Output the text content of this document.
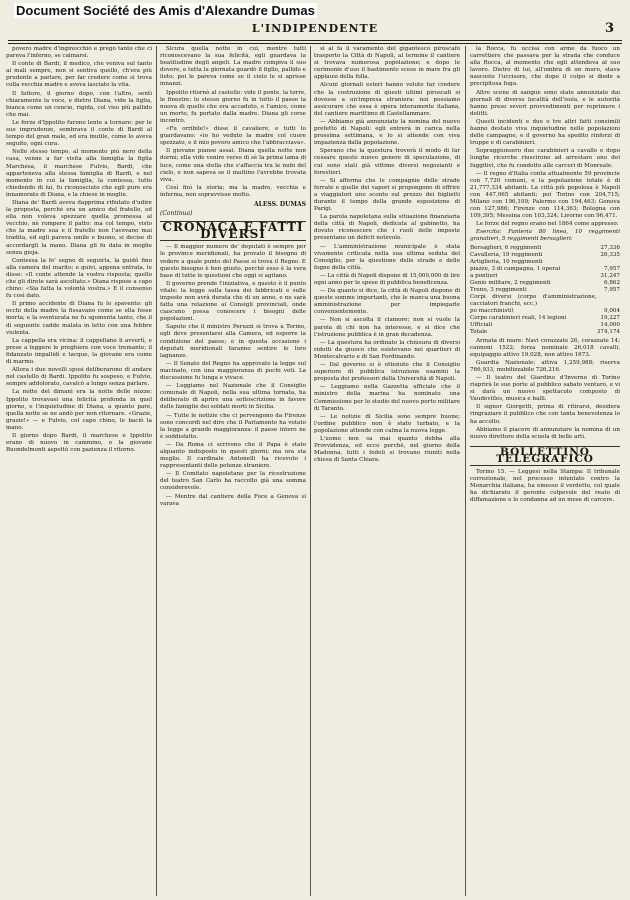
Document Société des Amis d'Alexandre Dumas
L'INDIPENDENTE	3

povero madre d'inginocchiò e pregò tanto che ci pareva l'inferno, se calmarsi.

Il conte di Bardi, il medico, che veniva sul tanto ai mali sempre, non si sentiva quello, ch'era più prudente a parlare, per far credere come si trova colla vecchia madre e aveva lasciato la vita.

Il fattore, il giorno dopo, con l'altro, sentì chiaramente la voce, e dietro Diana, vide la figlia, bianca come un cencio, rigida, col viso più pallido che mai.

Le forze d'Ippolito furono lente a tornare: per le sue imprudenze, sembrava il conte di Bardi al tempo del gran male, ed era inutile, come lo aveva seguito, ogni cura.

Nello stesso tempo, al momento più nero della casa, venne a far visita alla famiglia la figlia Marchesa, il marchese Fulvio, Bardi, che apparteneva alla stessa famiglia di Bardi, e nel momento in cui la famiglia, la contessa, tutto chiedendo di lui, fu riconosciuto che egli pure era innamorato di Diana, e la chiese in moglie.

Diana de' Bardi aveva dapprima rifiutato d'udire la proposta, perchè era un amico del fratello, ed ella non voleva spezzare quella promessa al vecchio, nè rompere il patto: ma col tempo, visto che la madre sua e il fratello non l'avevano mai tradita, ed egli pareva umile e buono, si decise di accordargli la mano. Diana gli fu data in moglie senza gioja.

Contessa la fe' segno di seguirla, la guidò fino alla camera del marito; e quivi, appena entrata, le disse: «Il conte attende la vostra risposta; quello che gli direte sarà ascoltato.» Diana rispose a capo chino: «Sia fatta la volontà vostra.» E il consenso fu così dato.

Il primo accidente di Diana fu lo spavento: gli occhi della madre la fissavano come se ella fosse morta; e la sventurata ne fu sgomenta tanto, che il dì seguente cadde malata in letto con una febbre violenta.

La cappella era vicina: il cappellano li avvertì, e prese a leggere le preghiere con voce tremante; il fidanzato impallidì e tacque, la giovane era come di marmo.

Allora i due novelli sposi deliberarono di andare nel castello di Bardi. Ippolito fu sospeso, e Fulvio, sempre addolorato, cavalcò a lungo senza parlare.

La notte del dimani era la notte delle nozze: Ippolito trovavasi una felicità profonda in quel giorno, e l'inquietudine di Diana, a quanto pare, quella notte se ne andò per non ritornare. «Grazie, grazie!» — e Fulvio, col capo chino, le baciò la mano.

Il giorno dopo Bardi, il marchese e Ippolito erano di nuovo in cammino, e la giovane Buondelmonti aspettò con pazienza il ritorno.

Sicura quella notte in cui, mentre tutti riconoscevano la sua felicità, egli guardava la beatitudine degli angeli. La madre compiva il suo dovere, e tutta la giornata guardò il figlio, pallido e lieto; poi le pareva come se il cielo le si aprisse innanzi.

Ippolito ritornò al castello: vide il ponte, la torre, le finestre; lo stesso giorno fu in tutto il paese la nuova di quello che era accaduto, e l'amico, come un morto, fu portato dalla madre. Diana gli corse incontro.

«Fu orribile!» disse il cavaliere, e tutti lo guardavano: «io ho veduto la madre col cuore spezzato, e il mio povero amico che l'abbracciava».

Il giovane pianse assai. Diana quella notte non dormì; ella vide venire verso di sè la prima lama di luce, come una stella che s'affaccia tra le nubi del cielo, e non sapeva se il mattino l'avrebbe trovata viva.

Così finì la storia; ma la madre, vecchia e inferma, non sopravvisse molto.

ALESS. DUMAS
(Continua)
CRONACA E FATTI DIVERSI

— Il maggior numero de' deputati è sempre per le province meridionali, ha provato il bisogno di vedere a quale punto del Paese si trova il Regno. E questo bisogno è ben giusto, perchè esso è la vera base di tutte le questioni che oggi si agitano.

Il governo prende l'iniziativa, e questo è il punto vitale: la legge sulla tassa dei fabbricati e sulle imposte non avrà durata che di un anno, e ne sarà fatta una relazione ai Consigli provinciali, onde ciascuno possa conoscere i bisogni delle popolazioni.

Saputo che il ministro Peruzzi si trova a Torino, egli deve presentarsi alla Camera, ed esporre la condizione del paese; e in questa occasione i deputati meridionali faranno sentire le loro lagnanze.

— Il Senato del Regno ha approvato la legge sul macinato, con una maggioranza di pochi voti. La discussione fu lunga e vivace.

— Leggiamo nel Nazionale che il Consiglio comunale di Napoli, nella sua ultima tornata, ha deliberato di aprire una sottoscrizione in favore delle famiglie dei soldati morti in Sicilia.

— Tutte le notizie che ci pervengono da Firenze sono concordi nel dire che il Parlamento ha votato la legge a grande maggioranza: il paese intero ne è soddisfatto.

— Da Roma ci scrivono che il Papa è stato alquanto indisposto in questi giorni; ma ora sta meglio. Il cardinale Antonelli ha ricevuto i rappresentanti delle potenze straniere.

— Il Comitato napoletano per la ricostruzione del teatro San Carlo ha raccolto già una somma considerevole.

— Mentre dal cantiere della Foce a Genova si varava

si al fa il varamento del gigantesco piroscafo trasporto la Città di Napoli, al termine il cantiere si trovava numerosa popolazione; e dopo le cerimonie d'uso il bastimento scese in mare fra gli applausi della folla.

Alcuni giornali esteri hanno voluto far credere che la costruzione di questi ultimi piroscafi si dovesse a un'impresa straniera: noi possiamo assicurare che essa è opera interamente italiana, del cantiere marittimo di Castellammare.

— Abbiamo già annunziato la nomina del nuovo prefetto di Napoli: egli entrerà in carica nella prossima settimana, e lo si attende con viva impazienza dalla popolazione.

Sperano che la questura troverà il modo di far cessare questo nuovo genere di speculazione, di cui sono stati già vittime diversi negozianti e forestieri.

— Si afferma che le compagnie delle strade ferrate e quelle dei vapori si propongono di offrire a viaggiatori uno sconto sul prezzo dei biglietti durante il tempo della grande esposizione di Parigi.

La parola napoletana sulla situazione finanziaria della città di Napoli, dedicata al gabinetto, ha dovuto riconoscere che i ruoli delle imposte presentano un deficit notevole.

— L'amministrazione municipale è stata vivamente criticata nella sua ultima seduta del Consiglio, per la questione delle strade e delle fogne della città.

— La città di Napoli dispone di 15,000,000 di lire ogni anno per le spese di pubblica beneficenza.

— Da quanto si dice, la città di Napoli dispone di queste somme importanti, che le manca una buona amministrazione per impiegarle convenientemente.

— Non si ascolta il clamore; non si vuole la parola di chi non ha interesse, e si dice che l'istruzione pubblica è in gran decadenza.

— La questura ha ordinato la chiusura di diversi ridotti da giuoco che esistevano nei quartieri di Montecalvario e di San Ferdinando.

— Dal governo si è ottenuto che il Consiglio superiore di pubblica istruzione esamini la proposta dei professori della Università di Napoli.

— Leggiamo nella Gazzetta ufficiale che il ministro della marina ha nominato una Commissione per lo studio del nuovo porto militare di Taranto.

— Le notizie di Sicilia sono sempre buone; l'ordine pubblico non è stato turbato, e la popolazione attende con calma la nuova legge.

L'uomo non sa mai quanto debba alla Provvidenza, ed ecco perchè, nel giorno della Madonna, tutti i fedeli si trovano riuniti nella chiesa di Santa Chiara.

la Rocca, fu uccisa con arme da fuoco un carrettiere che passava per la strada che conduce alla Rocca, al momento che egli attendeva al suo lavoro. Dietro di lui, all'ombra di un muro, stava nascosto l'uccisore, che dopo il colpo si diede a precipitosa fuga.

Altre scene di sangue sono state annunziate dai giornali di diverse località dell'isola, e le autorità hanno preso severi provvedimenti per reprimere i delitti.

Questi incidenti e due o tre altri fatti consimili hanno destato viva inquietudine nelle popolazioni delle campagne, e il governo ha spedito rinforzi di truppe e di carabinieri.

Sopraggiunsero due carabinieri a cavallo e dopo lunghe ricerche riuscirono ad arrestare uno dei fuggitivi, che fu condotto alle carceri di Monreale.

— Il regno d'Italia conta attualmente 59 provincie con 7,720 comuni, e la popolazione totale è di 21,777,334 abitanti. La città più popolosa è Napoli con 447,065 abitanti; poi Torino con 204,715; Milano con 196,109; Palermo con 194,463; Genova con 127,986; Firenze con 114,363; Bologna con 109,395; Messina con 103,324; Livorno con 96,471.

Le forze del regno erano nel 1864 come appresso:

Esercito: Fanteria 80 linea, 10 reggimenti granatieri, 5 reggimenti bersaglieri:

Bersaglieri, 6 reggimenti	27,336
Cavalleria, 19 reggimenti	26,335
Artiglieria, 10 reggimenti	
piazze, 3 di campagna, 1 operai	7,957
a pontieri	31,247
Genio militare, 2 reggimenti	6,862
Treno, 3 reggimenti	7,957
Corpi diversi (corpo d'amministrazione, cacciatori franchi, ecc.)	
po macchinisti)	9,004
Corpo carabinieri reali, 14 legioni	19,227
Ufficiali	14,000
Totale	374,174

Armata di mare: Navi corazzate 26, corazzate 14; cannoni 1522; forza nominale 26,018 cavalli, equipaggio attivo 19,028, non attivo 1673.

Guardia Nazionale: attiva 1,259,988; riserva 766,933, mobilizzabile 726,216.

— Il teatro del Giardino d'Inverno di Torino riaprirà le sue porte al pubblico sabato venturo, e vi si darà un nuovo spettacolo composto di Vaudevilles, musica e balli.

Il signor Giorgetti, prima di ritirarsi, desidera ringraziare il pubblico che con tanta benevolenza lo ha accolto.

Abbiamo il piacere di annunziare la nomina di un nuovo direttore della scuola di belle arti.

BOLLETTINO TELEGRAFICO

Torino 15. — Leggesi nella Stampa: Il tribunale correzionale, nel processo intentato contro la Monarchia italiana, ha emesso il verdetto, col quale ha dichiarato il gerente colpevole del reato di diffamazione e lo condanna ad un mese di carcere.
